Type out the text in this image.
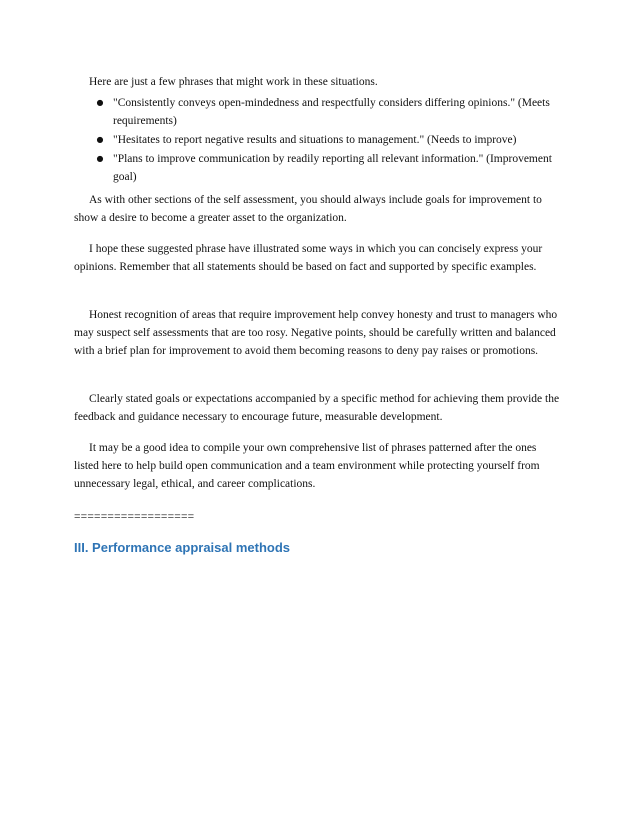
Here are just a few phrases that might work in these situations.
● "Consistently conveys open-mindedness and respectfully considers differing opinions." (Meets requirements)
● "Hesitates to report negative results and situations to management." (Needs to improve)
● "Plans to improve communication by readily reporting all relevant information." (Improvement goal)

As with other sections of the self assessment, you should always include goals for improvement to show a desire to become a greater asset to the organization.

I hope these suggested phrase have illustrated some ways in which you can concisely express your opinions. Remember that all statements should be based on fact and supported by specific examples.

Honest recognition of areas that require improvement help convey honesty and trust to managers who may suspect self assessments that are too rosy. Negative points, should be carefully written and balanced with a brief plan for improvement to avoid them becoming reasons to deny pay raises or promotions.

Clearly stated goals or expectations accompanied by a specific method for achieving them provide the feedback and guidance necessary to encourage future, measurable development.

It may be a good idea to compile your own comprehensive list of phrases patterned after the ones listed here to help build open communication and a team environment while protecting yourself from unnecessary legal, ethical, and career complications.

==================
III. Performance appraisal methods
